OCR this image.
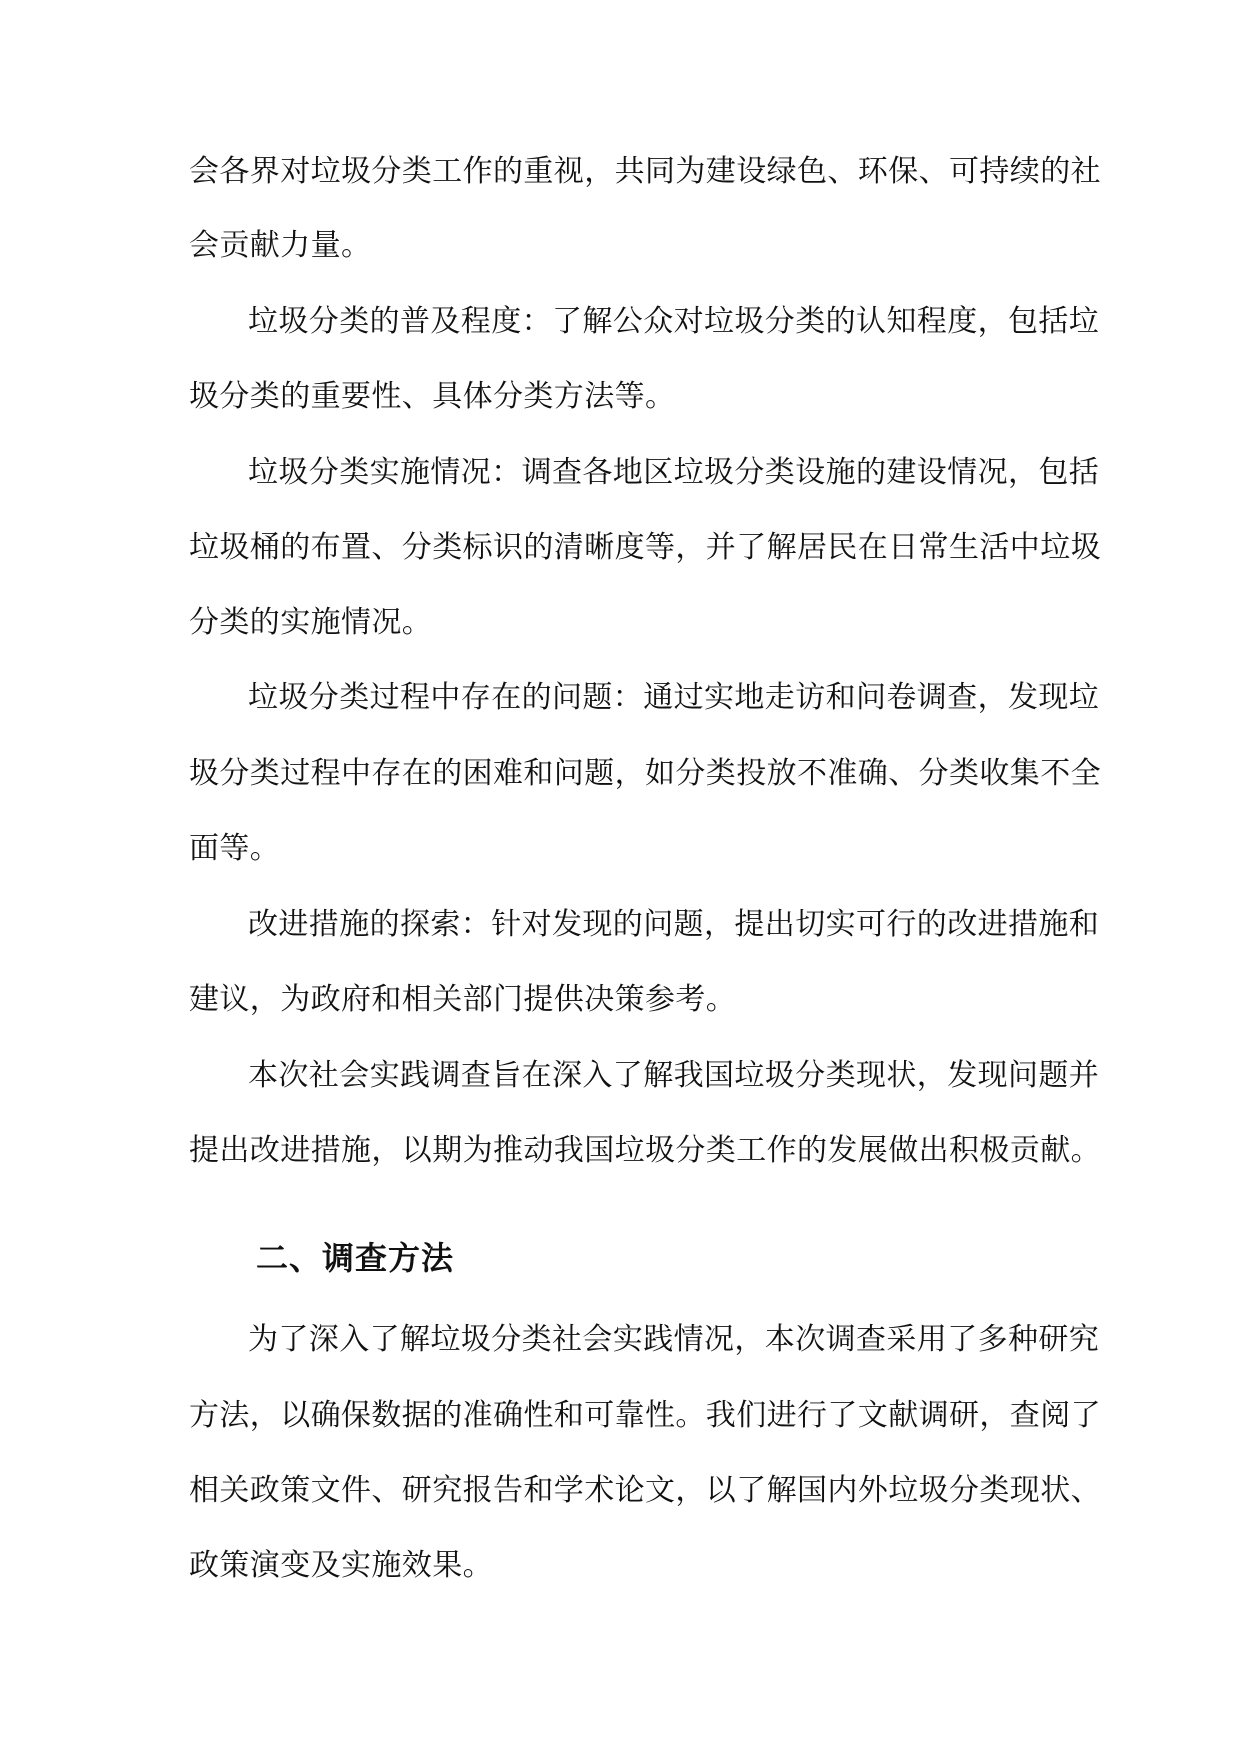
会各界对垃圾分类工作的重视，共同为建设绿色、环保、可持续的社
会贡献力量。
垃圾分类的普及程度：了解公众对垃圾分类的认知程度，包括垃
圾分类的重要性、具体分类方法等。
垃圾分类实施情况：调查各地区垃圾分类设施的建设情况，包括
垃圾桶的布置、分类标识的清晰度等，并了解居民在日常生活中垃圾
分类的实施情况。
垃圾分类过程中存在的问题：通过实地走访和问卷调查，发现垃
圾分类过程中存在的困难和问题，如分类投放不准确、分类收集不全
面等。
改进措施的探索：针对发现的问题，提出切实可行的改进措施和
建议，为政府和相关部门提供决策参考。
本次社会实践调查旨在深入了解我国垃圾分类现状，发现问题并
提出改进措施，以期为推动我国垃圾分类工作的发展做出积极贡献。
二、调查方法
为了深入了解垃圾分类社会实践情况，本次调查采用了多种研究
方法，以确保数据的准确性和可靠性。我们进行了文献调研，查阅了
相关政策文件、研究报告和学术论文，以了解国内外垃圾分类现状、
政策演变及实施效果。
